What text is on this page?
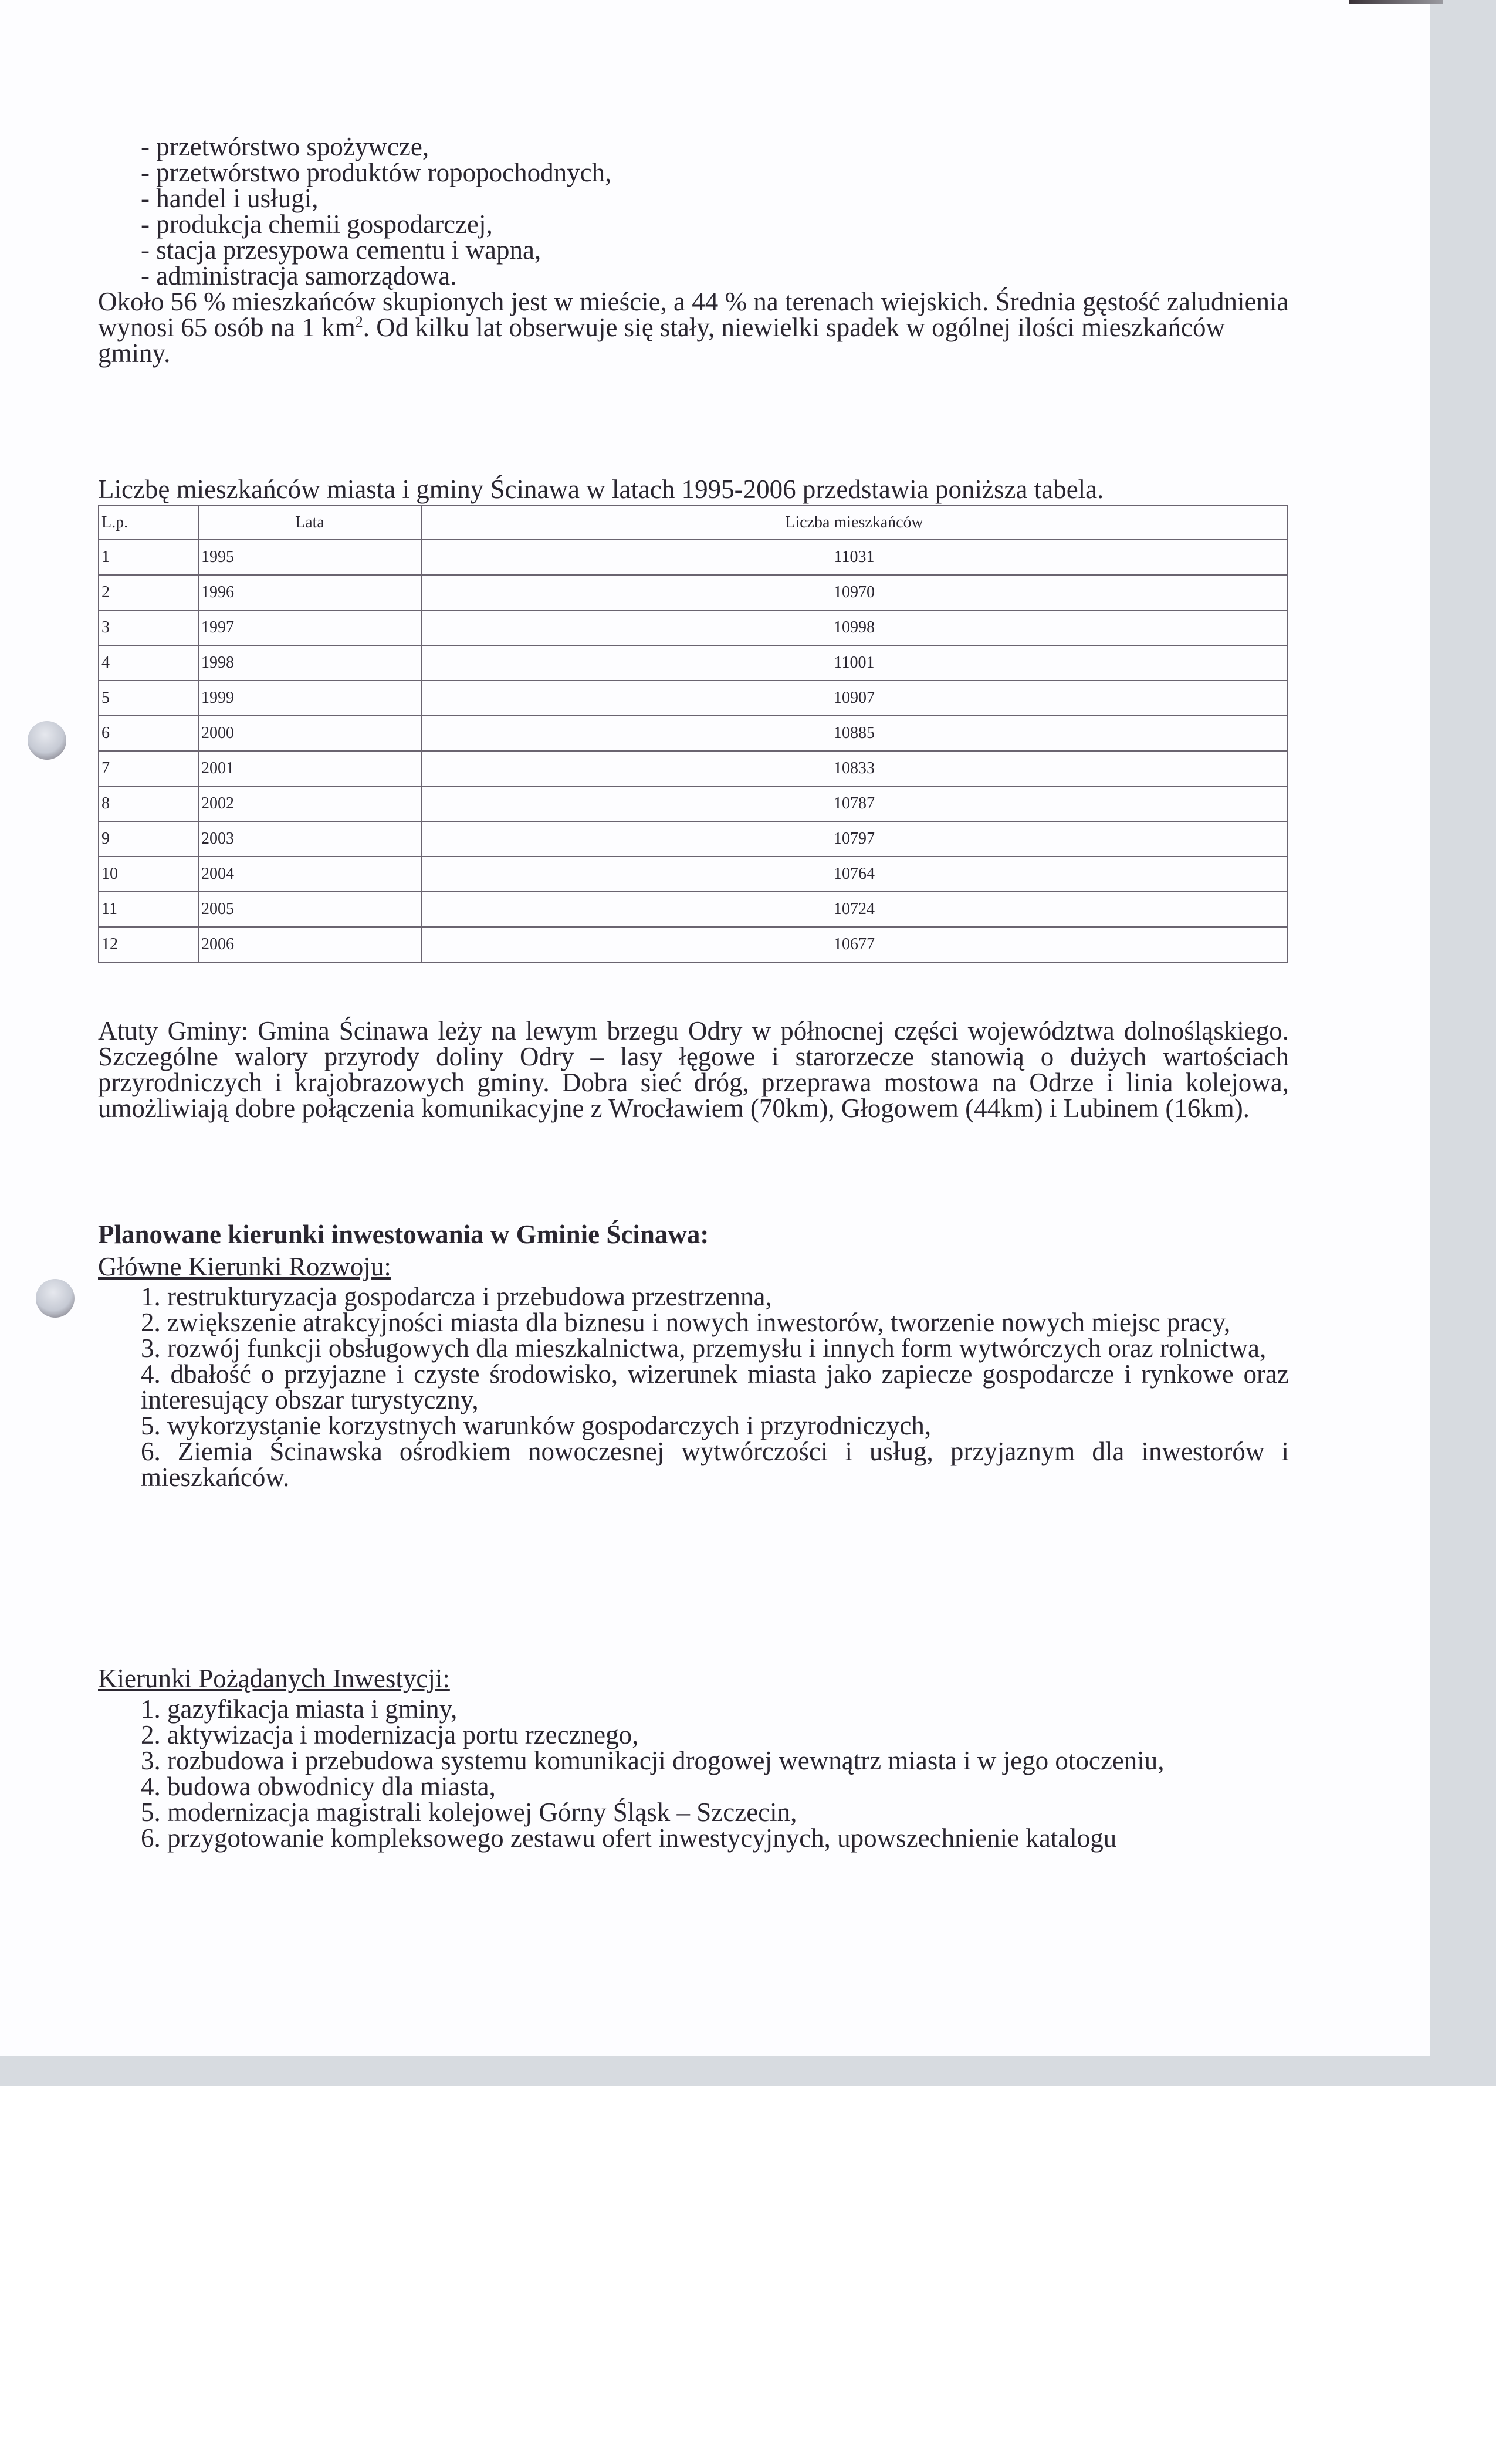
- przetwórstwo spożywcze,
- przetwórstwo produktów ropopochodnych,
- handel i usługi,
- produkcja chemii gospodarczej,
- stacja przesypowa cementu i wapna,
- administracja samorządowa.
Około 56 % mieszkańców skupionych jest w mieście, a 44 % na terenach wiejskich. Średnia gęstość zaludnienia wynosi 65 osób na 1 $km^2$. Od kilku lat obserwuje się stały, niewielki spadek w ogólnej ilości mieszkańców gminy.
Liczbę mieszkańców miasta i gminy Ścinawa w latach 1995-2006 przedstawia poniższa tabela.
L.p.	Lata	Liczba mieszkańców
1	1995	11031
2	1996	10970
3	1997	10998
4	1998	11001
5	1999	10907
6	2000	10885
7	2001	10833
8	2002	10787
9	2003	10797
10	2004	10764
11	2005	10724
12	2006	10677
Atuty Gminy: Gmina Ścinawa leży na lewym brzegu Odry w północnej części województwa dolnośląskiego. Szczególne walory przyrody doliny Odry – lasy łęgowe i starorzecze stanowią o dużych wartościach przyrodniczych i krajobrazowych gminy. Dobra sieć dróg, przeprawa mostowa na Odrze i linia kolejowa, umożliwiają dobre połączenia komunikacyjne z Wrocławiem (70km), Głogowem (44km) i Lubinem (16km).
Planowane kierunki inwestowania w Gminie Ścinawa:
Główne Kierunki Rozwoju:
1. restrukturyzacja gospodarcza i przebudowa przestrzenna,
2. zwiększenie atrakcyjności miasta dla biznesu i nowych inwestorów, tworzenie nowych miejsc pracy,
3. rozwój funkcji obsługowych dla mieszkalnictwa, przemysłu i innych form wytwórczych oraz rolnictwa,
4. dbałość o przyjazne i czyste środowisko, wizerunek miasta jako zapiecze gospodarcze i rynkowe oraz interesujący obszar turystyczny,
5. wykorzystanie korzystnych warunków gospodarczych i przyrodniczych,
6. Ziemia Ścinawska ośrodkiem nowoczesnej wytwórczości i usług, przyjaznym dla inwestorów i mieszkańców.
Kierunki Pożądanych Inwestycji:
1. gazyfikacja miasta i gminy,
2. aktywizacja i modernizacja portu rzecznego,
3. rozbudowa i przebudowa systemu komunikacji drogowej wewnątrz miasta i w jego otoczeniu,
4. budowa obwodnicy dla miasta,
5. modernizacja magistrali kolejowej Górny Śląsk – Szczecin,
6. przygotowanie kompleksowego zestawu ofert inwestycyjnych, upowszechnienie katalogu
